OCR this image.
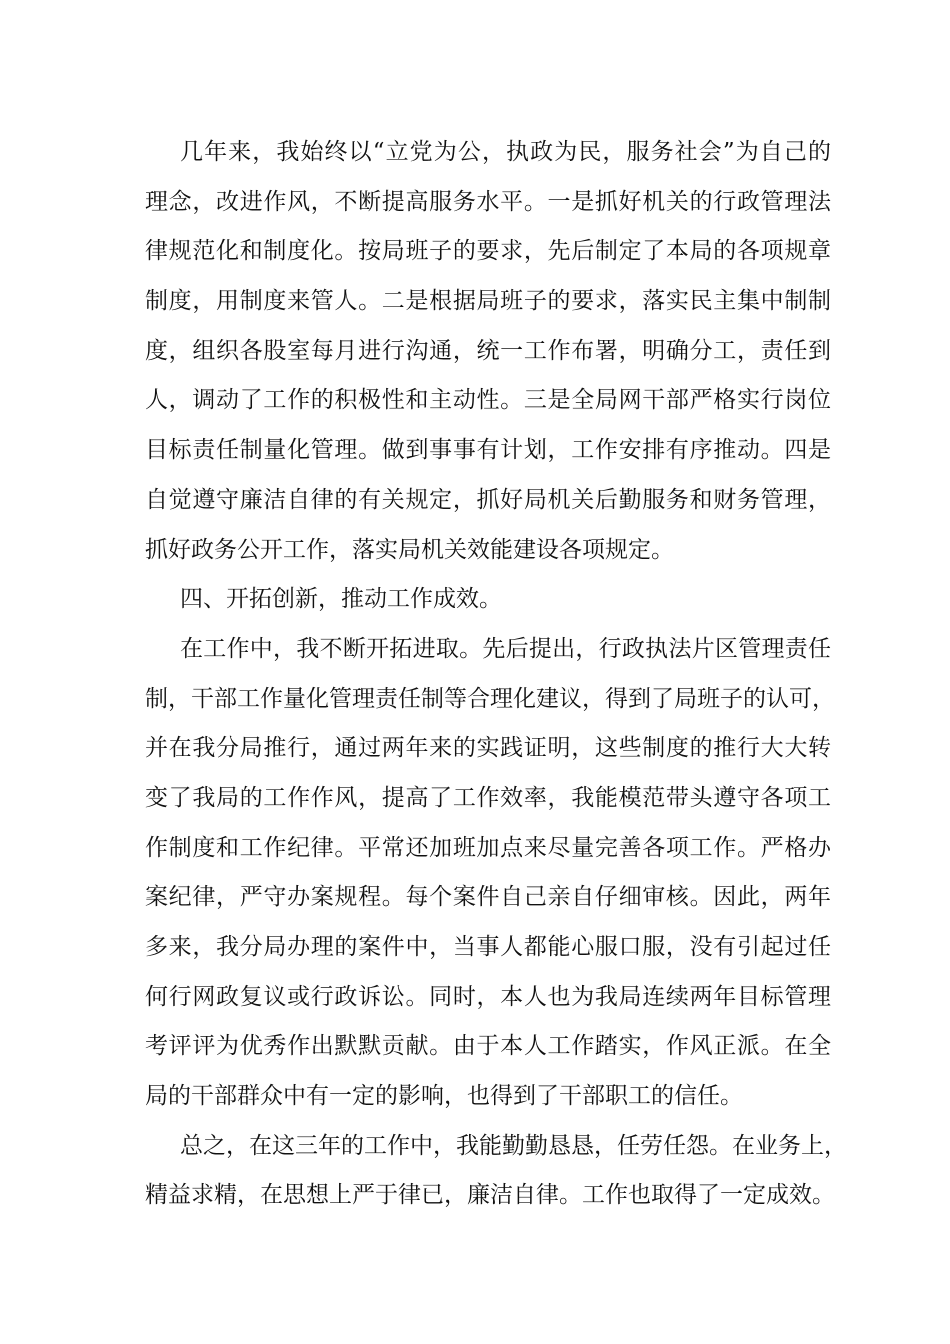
几年来，我始终以“立党为公，执政为民，服务社会”为自己的
理念，改进作风，不断提高服务水平。一是抓好机关的行政管理法
律规范化和制度化。按局班子的要求，先后制定了本局的各项规章
制度，用制度来管人。二是根据局班子的要求，落实民主集中制制
度，组织各股室每月进行沟通，统一工作布署，明确分工，责任到
人，调动了工作的积极性和主动性。三是全局网干部严格实行岗位
目标责任制量化管理。做到事事有计划，工作安排有序推动。四是
自觉遵守廉洁自律的有关规定，抓好局机关后勤服务和财务管理，
抓好政务公开工作，落实局机关效能建设各项规定。
四、开拓创新，推动工作成效。
在工作中，我不断开拓进取。先后提出，行政执法片区管理责任
制，干部工作量化管理责任制等合理化建议，得到了局班子的认可，
并在我分局推行，通过两年来的实践证明，这些制度的推行大大转
变了我局的工作作风，提高了工作效率，我能模范带头遵守各项工
作制度和工作纪律。平常还加班加点来尽量完善各项工作。严格办
案纪律，严守办案规程。每个案件自己亲自仔细审核。因此，两年
多来，我分局办理的案件中，当事人都能心服口服，没有引起过任
何行网政复议或行政诉讼。同时，本人也为我局连续两年目标管理
考评评为优秀作出默默贡献。由于本人工作踏实，作风正派。在全
局的干部群众中有一定的影响，也得到了干部职工的信任。
总之，在这三年的工作中，我能勤勤恳恳，任劳任怨。在业务上，
精益求精，在思想上严于律已，廉洁自律。工作也取得了一定成效。
